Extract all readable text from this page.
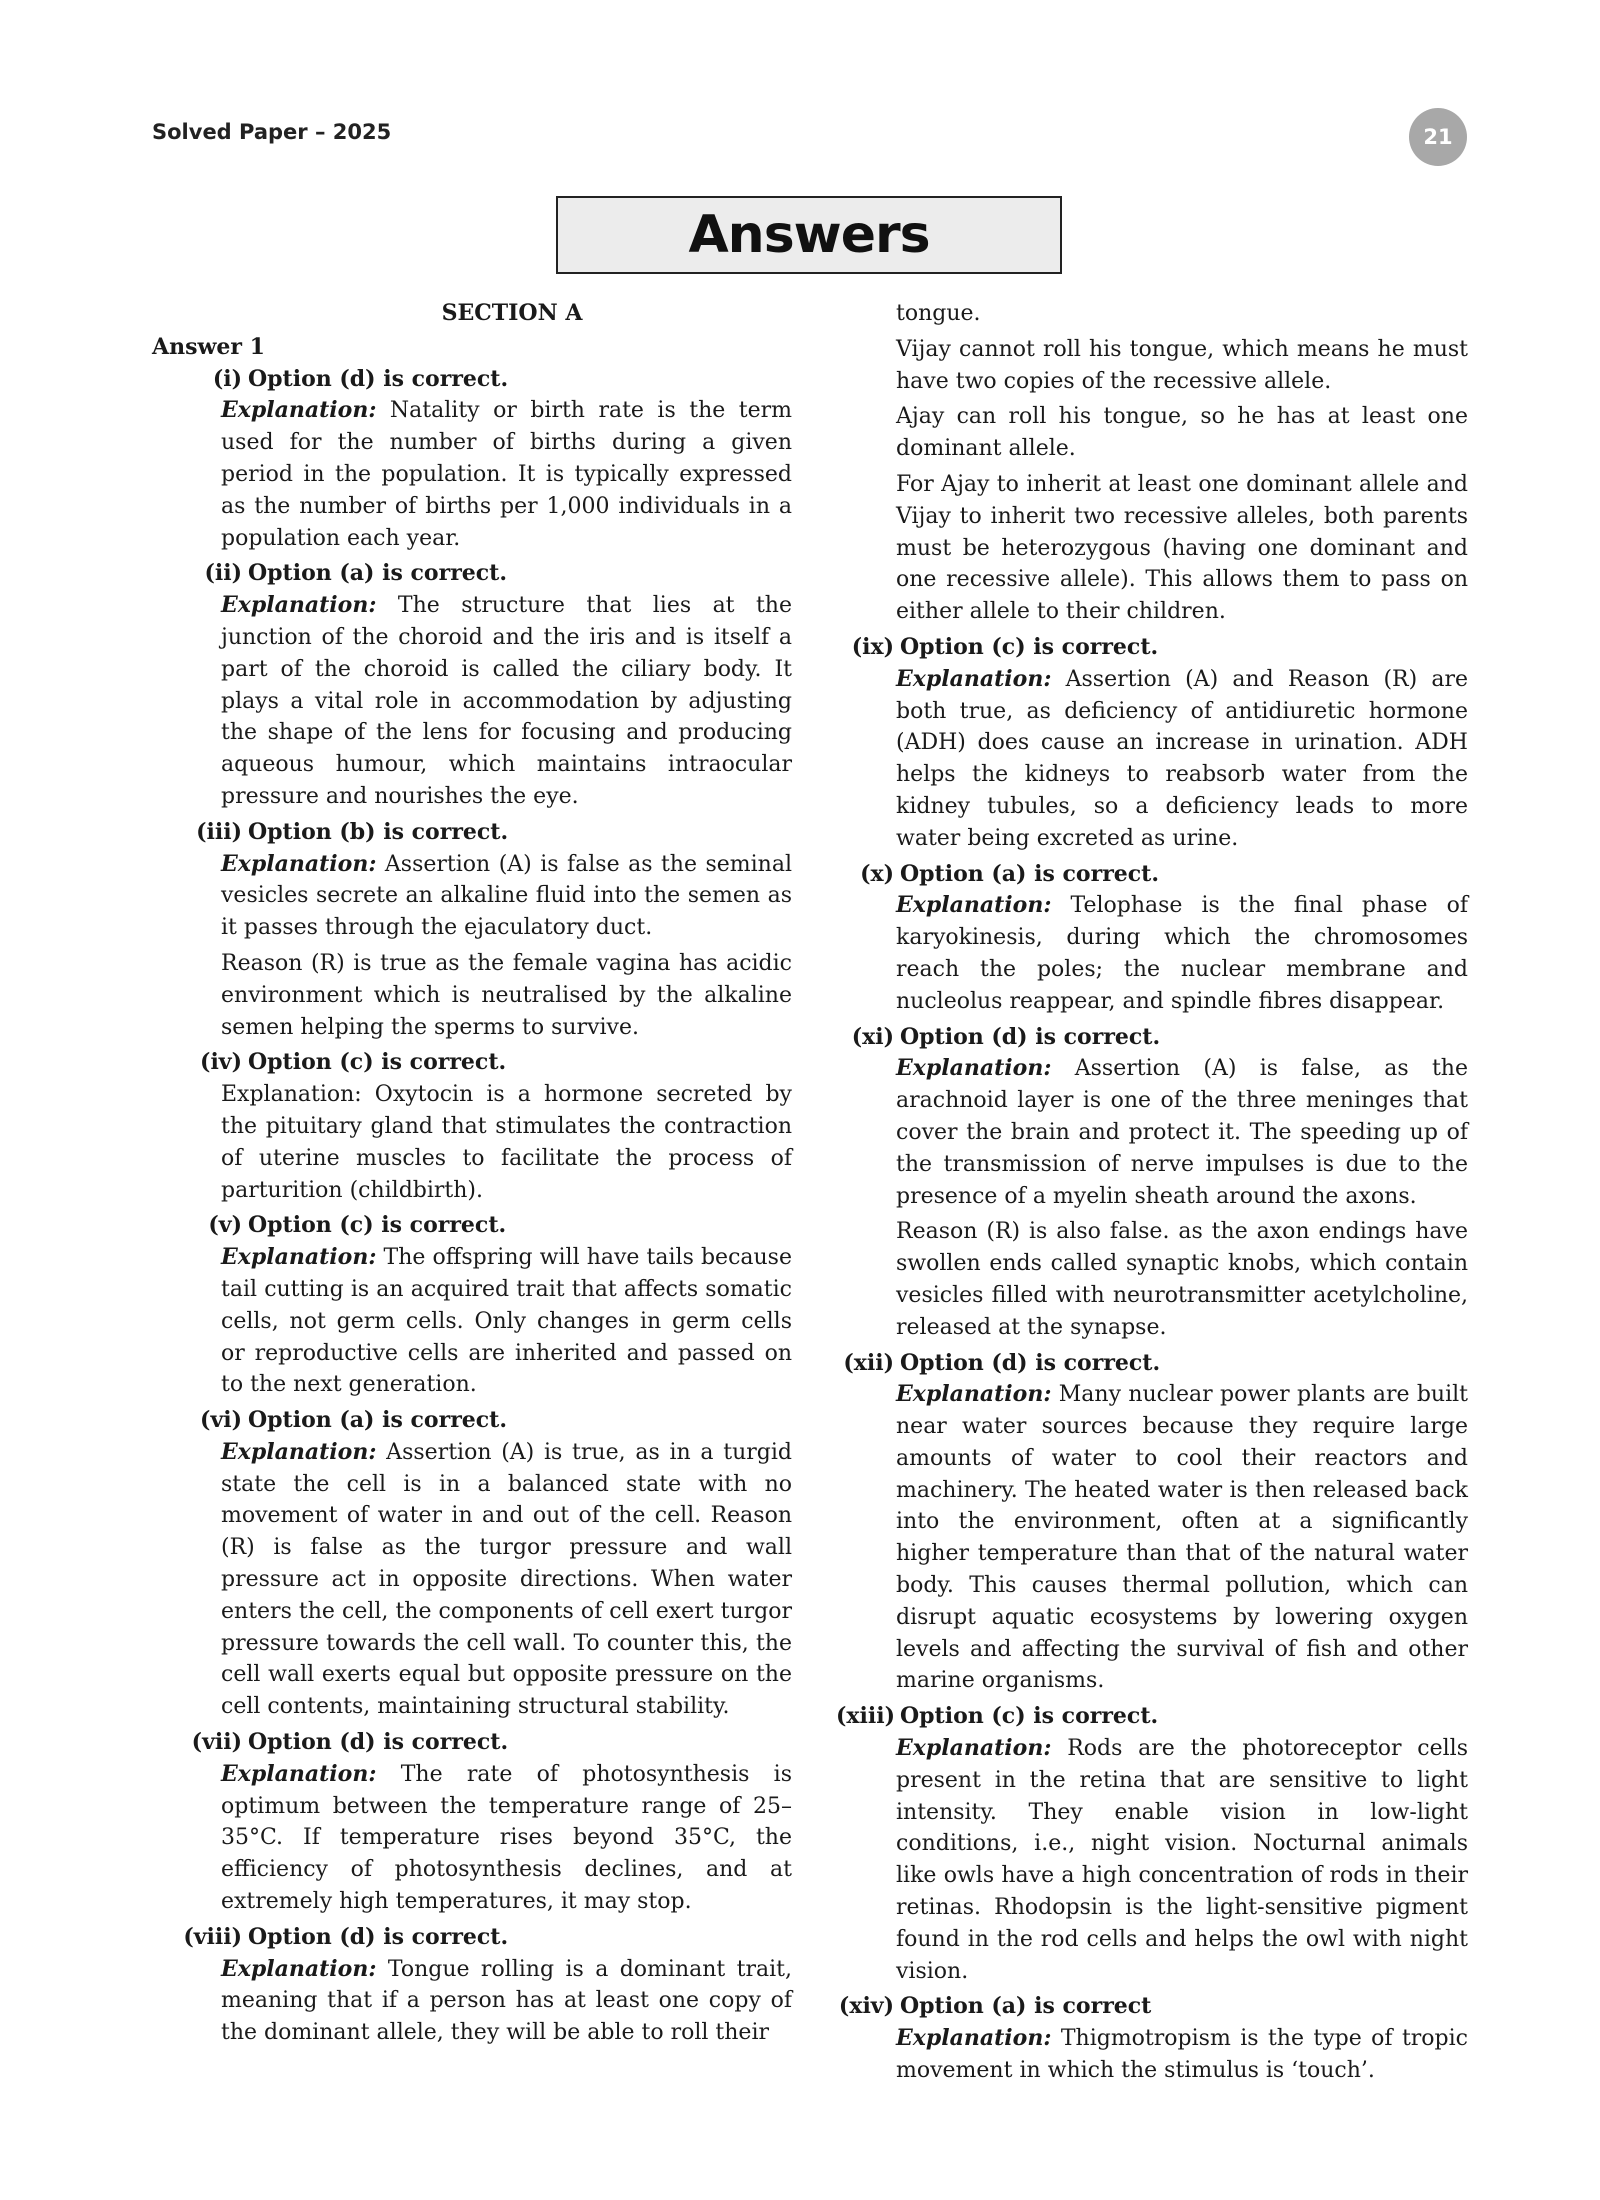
Solved Paper – 2025	21
Answers
SECTION A
Answer 1
(i) Option (d) is correct.
Explanation: Natality or birth rate is the term used for the number of births during a given period in the population. It is typically expressed as the number of births per 1,000 individuals in a population each year.
(ii) Option (a) is correct.
Explanation: The structure that lies at the junction of the choroid and the iris and is itself a part of the choroid is called the ciliary body. It plays a vital role in accommodation by adjusting the shape of the lens for focusing and producing aqueous humour, which maintains intraocular pressure and nourishes the eye.
(iii) Option (b) is correct.
Explanation: Assertion (A) is false as the seminal vesicles secrete an alkaline fluid into the semen as it passes through the ejaculatory duct.
Reason (R) is true as the female vagina has acidic environment which is neutralised by the alkaline semen helping the sperms to survive.
(iv) Option (c) is correct.
Explanation: Oxytocin is a hormone secreted by the pituitary gland that stimulates the contraction of uterine muscles to facilitate the process of parturition (childbirth).
(v) Option (c) is correct.
Explanation: The offspring will have tails because tail cutting is an acquired trait that affects somatic cells, not germ cells. Only changes in germ cells or reproductive cells are inherited and passed on to the next generation.
(vi) Option (a) is correct.
Explanation: Assertion (A) is true, as in a turgid state the cell is in a balanced state with no movement of water in and out of the cell. Reason (R) is false as the turgor pressure and wall pressure act in opposite directions. When water enters the cell, the components of cell exert turgor pressure towards the cell wall. To counter this, the cell wall exerts equal but opposite pressure on the cell contents, maintaining structural stability.
(vii) Option (d) is correct.
Explanation: The rate of photosynthesis is optimum between the temperature range of 25–35°C. If temperature rises beyond 35°C, the efficiency of photosynthesis declines, and at extremely high temperatures, it may stop.
(viii) Option (d) is correct.
Explanation: Tongue rolling is a dominant trait, meaning that if a person has at least one copy of the dominant allele, they will be able to roll their
tongue.
Vijay cannot roll his tongue, which means he must have two copies of the recessive allele.
Ajay can roll his tongue, so he has at least one dominant allele.
For Ajay to inherit at least one dominant allele and Vijay to inherit two recessive alleles, both parents must be heterozygous (having one dominant and one recessive allele). This allows them to pass on either allele to their children.
(ix) Option (c) is correct.
Explanation: Assertion (A) and Reason (R) are both true, as deficiency of antidiuretic hormone (ADH) does cause an increase in urination. ADH helps the kidneys to reabsorb water from the kidney tubules, so a deficiency leads to more water being excreted as urine.
(x) Option (a) is correct.
Explanation: Telophase is the final phase of karyokinesis, during which the chromosomes reach the poles; the nuclear membrane and nucleolus reappear, and spindle fibres disappear.
(xi) Option (d) is correct.
Explanation: Assertion (A) is false, as the arachnoid layer is one of the three meninges that cover the brain and protect it. The speeding up of the transmission of nerve impulses is due to the presence of a myelin sheath around the axons.
Reason (R) is also false. as the axon endings have swollen ends called synaptic knobs, which contain vesicles filled with neurotransmitter acetylcholine, released at the synapse.
(xii) Option (d) is correct.
Explanation: Many nuclear power plants are built near water sources because they require large amounts of water to cool their reactors and machinery. The heated water is then released back into the environment, often at a significantly higher temperature than that of the natural water body. This causes thermal pollution, which can disrupt aquatic ecosystems by lowering oxygen levels and affecting the survival of fish and other marine organisms.
(xiii) Option (c) is correct.
Explanation: Rods are the photoreceptor cells present in the retina that are sensitive to light intensity. They enable vision in low-light conditions, i.e., night vision. Nocturnal animals like owls have a high concentration of rods in their retinas. Rhodopsin is the light-sensitive pigment found in the rod cells and helps the owl with night vision.
(xiv) Option (a) is correct
Explanation: Thigmotropism is the type of tropic movement in which the stimulus is ‘touch’.
